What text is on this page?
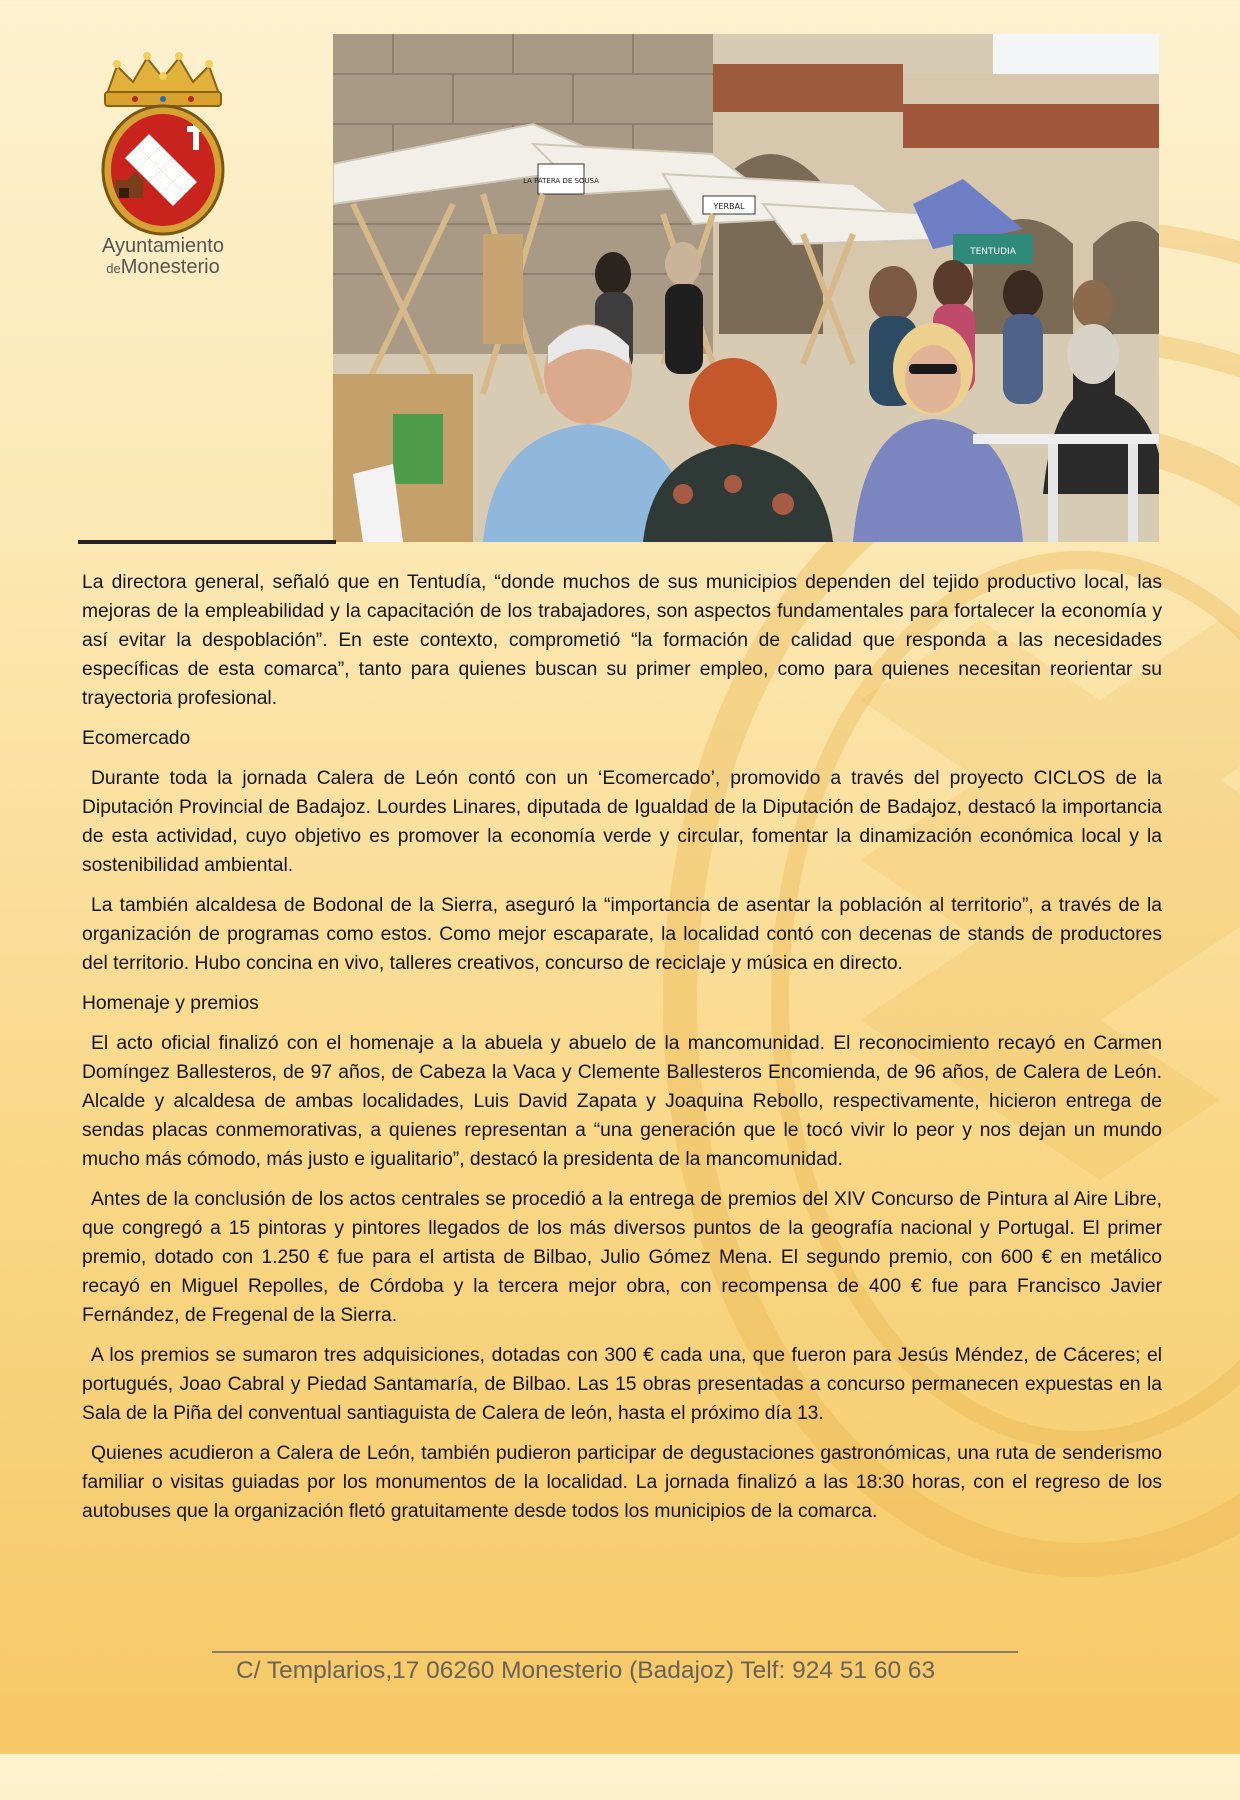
Ayuntamiento
deMonesterio
LA PATERA DE SOUSA
YERBAL
TENTUDIA

La directora general, señaló que en Tentudía, “donde muchos de sus municipios dependen del tejido productivo local, las mejoras de la empleabilidad y la capacitación de los trabajadores, son aspectos fundamentales para fortalecer la economía y así evitar la despoblación”. En este contexto, comprometió “la formación de calidad que responda a las necesidades específicas de esta comarca”, tanto para quienes buscan su primer empleo, como para quienes necesitan reorientar su trayectoria profesional.

Ecomercado

Durante toda la jornada Calera de León contó con un ‘Ecomercado’, promovido a través del proyecto CICLOS de la Diputación Provincial de Badajoz. Lourdes Linares, diputada de Igualdad de la Diputación de Badajoz, destacó la importancia de esta actividad, cuyo objetivo es promover la economía verde y circular, fomentar la dinamización económica local y la sostenibilidad ambiental.

La también alcaldesa de Bodonal de la Sierra, aseguró la “importancia de asentar la población al territorio”, a través de la organización de programas como estos. Como mejor escaparate, la localidad contó con decenas de stands de productores del territorio. Hubo concina en vivo, talleres creativos, concurso de reciclaje y música en directo.

Homenaje y premios

El acto oficial finalizó con el homenaje a la abuela y abuelo de la mancomunidad. El reconocimiento recayó en Carmen Domíngez Ballesteros, de 97 años, de Cabeza la Vaca y Clemente Ballesteros Encomienda, de 96 años, de Calera de León. Alcalde y alcaldesa de ambas localidades, Luis David Zapata y Joaquina Rebollo, respectivamente, hicieron entrega de sendas placas conmemorativas, a quienes representan a “una generación que le tocó vivir lo peor y nos dejan un mundo mucho más cómodo, más justo e igualitario”, destacó la presidenta de la mancomunidad.

Antes de la conclusión de los actos centrales se procedió a la entrega de premios del XIV Concurso de Pintura al Aire Libre, que congregó a 15 pintoras y pintores llegados de los más diversos puntos de la geografía nacional y Portugal. El primer premio, dotado con 1.250 € fue para el artista de Bilbao, Julio Gómez Mena. El segundo premio, con 600 € en metálico recayó en Miguel Repolles, de Córdoba y la tercera mejor obra, con recompensa de 400 € fue para Francisco Javier Fernández, de Fregenal de la Sierra.

A los premios se sumaron tres adquisiciones, dotadas con 300 € cada una, que fueron para Jesús Méndez, de Cáceres; el portugués, Joao Cabral y Piedad Santamaría, de Bilbao. Las 15 obras presentadas a concurso permanecen expuestas en la Sala de la Piña del conventual santiaguista de Calera de león, hasta el próximo día 13.

Quienes acudieron a Calera de León, también pudieron participar de degustaciones gastronómicas, una ruta de senderismo familiar o visitas guiadas por los monumentos de la localidad. La jornada finalizó a las 18:30 horas, con el regreso de los autobuses que la organización fletó gratuitamente desde todos los municipios de la comarca.

C/ Templarios,17 06260 Monesterio (Badajoz) Telf: 924 51 60 63
